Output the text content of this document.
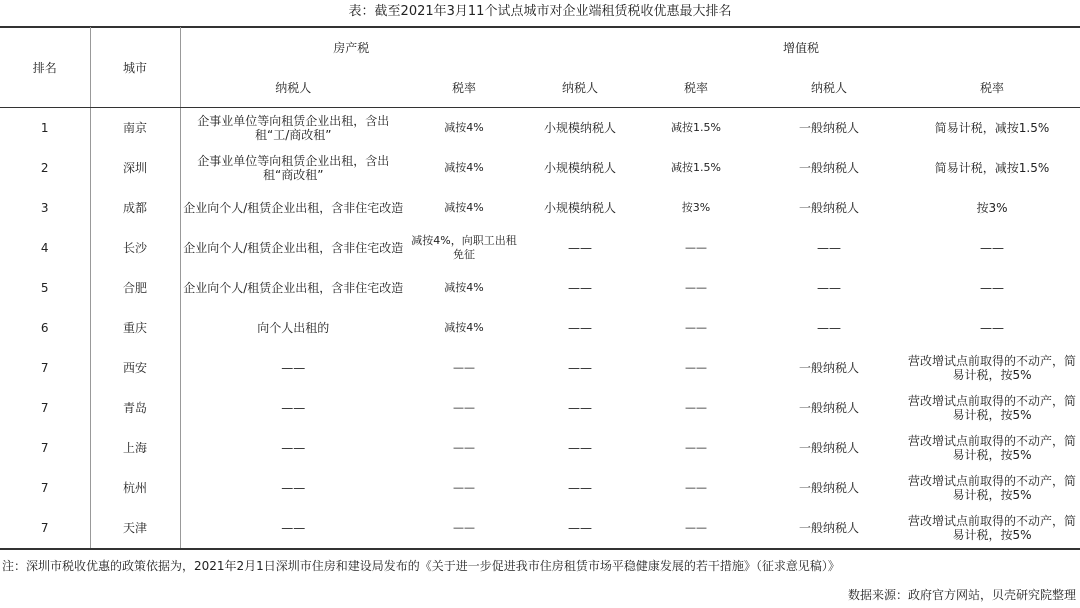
表：截至2021年3月11个试点城市对企业端租赁税收优惠最大排名
排名	城市	房产税		增值税			
		纳税人	税率	纳税人	税率	纳税人	税率
1	南京	企事业单位等向租赁企业出租，含出租“工/商改租”	减按4%	小规模纳税人	减按1.5%	一般纳税人	简易计税，减按1.5%
2	深圳	企事业单位等向租赁企业出租，含出租“商改租”	减按4%	小规模纳税人	减按1.5%	一般纳税人	简易计税，减按1.5%
3	成都	企业向个人/租赁企业出租，含非住宅改造	减按4%	小规模纳税人	按3%	一般纳税人	按3%
4	长沙	企业向个人/租赁企业出租，含非住宅改造	减按4%，向职工出租免征	——	——	——	——
5	合肥	企业向个人/租赁企业出租，含非住宅改造	减按4%	——	——	——	——
6	重庆	向个人出租的	减按4%	——	——	——	——
7	西安	——	——	——	——	一般纳税人	营改增试点前取得的不动产，简易计税，按5%
7	青岛	——	——	——	——	一般纳税人	营改增试点前取得的不动产，简易计税，按5%
7	上海	——	——	——	——	一般纳税人	营改增试点前取得的不动产，简易计税，按5%
7	杭州	——	——	——	——	一般纳税人	营改增试点前取得的不动产，简易计税，按5%
7	天津	——	——	——	——	一般纳税人	营改增试点前取得的不动产，简易计税，按5%
注：深圳市税收优惠的政策依据为，2021年2月1日深圳市住房和建设局发布的《关于进一步促进我市住房租赁市场平稳健康发展的若干措施》（征求意见稿）》
数据来源：政府官方网站，贝壳研究院整理
